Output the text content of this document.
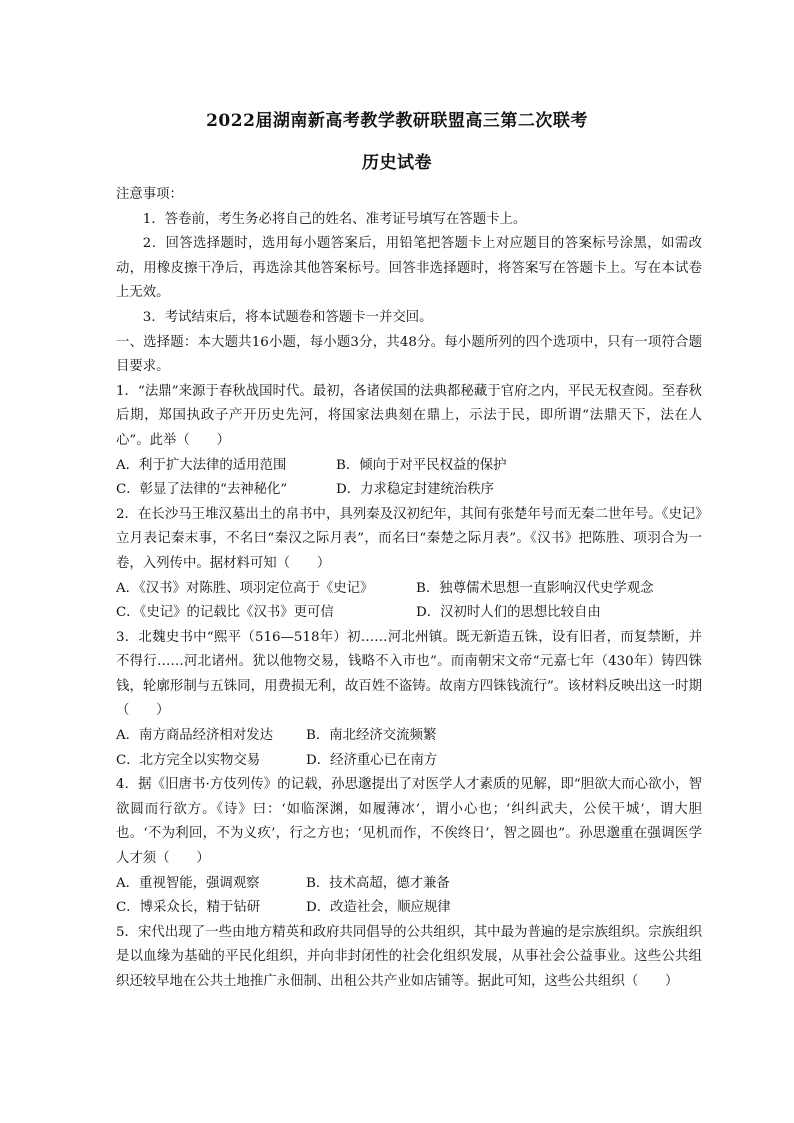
2022届湖南新高考教学教研联盟高三第二次联考
历史试卷

注意事项：

1．答卷前，考生务必将自己的姓名、准考证号填写在答题卡上。

2．回答选择题时，选用每小题答案后，用铅笔把答题卡上对应题目的答案标号涂黑，如需改动，用橡皮擦干净后，再选涂其他答案标号。回答非选择题时，将答案写在答题卡上。写在本试卷上无效。

3．考试结束后，将本试题卷和答题卡一并交回。

一、选择题：本大题共16小题，每小题3分，共48分。每小题所列的四个选项中，只有一项符合题目要求。

1．“法鼎”来源于春秋战国时代。最初，各诸侯国的法典都秘藏于官府之内，平民无权查阅。至春秋后期，郑国执政子产开历史先河，将国家法典刻在鼎上，示法于民，即所谓“法鼎天下，法在人心”。此举（　　）

A．利于扩大法律的适用范围	B．倾向于对平民权益的保护
C．彰显了法律的“去神秘化”	D．力求稳定封建统治秩序

2．在长沙马王堆汉墓出土的帛书中，具列秦及汉初纪年，其间有张楚年号而无秦二世年号。《史记》立月表记秦末事，不名曰“秦汉之际月表”，而名曰“秦楚之际月表”。《汉书》把陈胜、项羽合为一卷，入列传中。据材料可知（　　）

A．《汉书》对陈胜、项羽定位高于《史记》	B．独尊儒术思想一直影响汉代史学观念
C．《史记》的记载比《汉书》更可信	D．汉初时人们的思想比较自由

3．北魏史书中“熙平（516—518年）初……河北州镇。既无新造五铢，设有旧者，而复禁断，并不得行……河北诸州。犹以他物交易，钱略不入市也”。而南朝宋文帝“元嘉七年（430年）铸四铢钱，轮廓形制与五铢同，用费损无利，故百姓不盗铸。故南方四铢钱流行”。该材料反映出这一时期（　　）

A．南方商品经济相对发达	B．南北经济交流频繁
C．北方完全以实物交易	D．经济重心已在南方

4．据《旧唐书·方伎列传》的记载，孙思邈提出了对医学人才素质的见解，即“胆欲大而心欲小，智欲圆而行欲方。《诗》曰：‘如临深渊，如履薄冰’，谓小心也；‘纠纠武夫，公侯干城’，谓大胆也。‘不为利回，不为义疚’，行之方也；‘见机而作，不俟终日’，智之圆也”。孙思邈重在强调医学人才须（　　）

A．重视智能，强调观察	B．技术高超，德才兼备
C．博采众长，精于钻研	D．改造社会，顺应规律

5．宋代出现了一些由地方精英和政府共同倡导的公共组织，其中最为普遍的是宗族组织。宗族组织是以血缘为基础的平民化组织，并向非封闭性的社会化组织发展，从事社会公益事业。这些公共组织还较早地在公共土地推广永佃制、出租公共产业如店铺等。据此可知，这些公共组织（　　）
